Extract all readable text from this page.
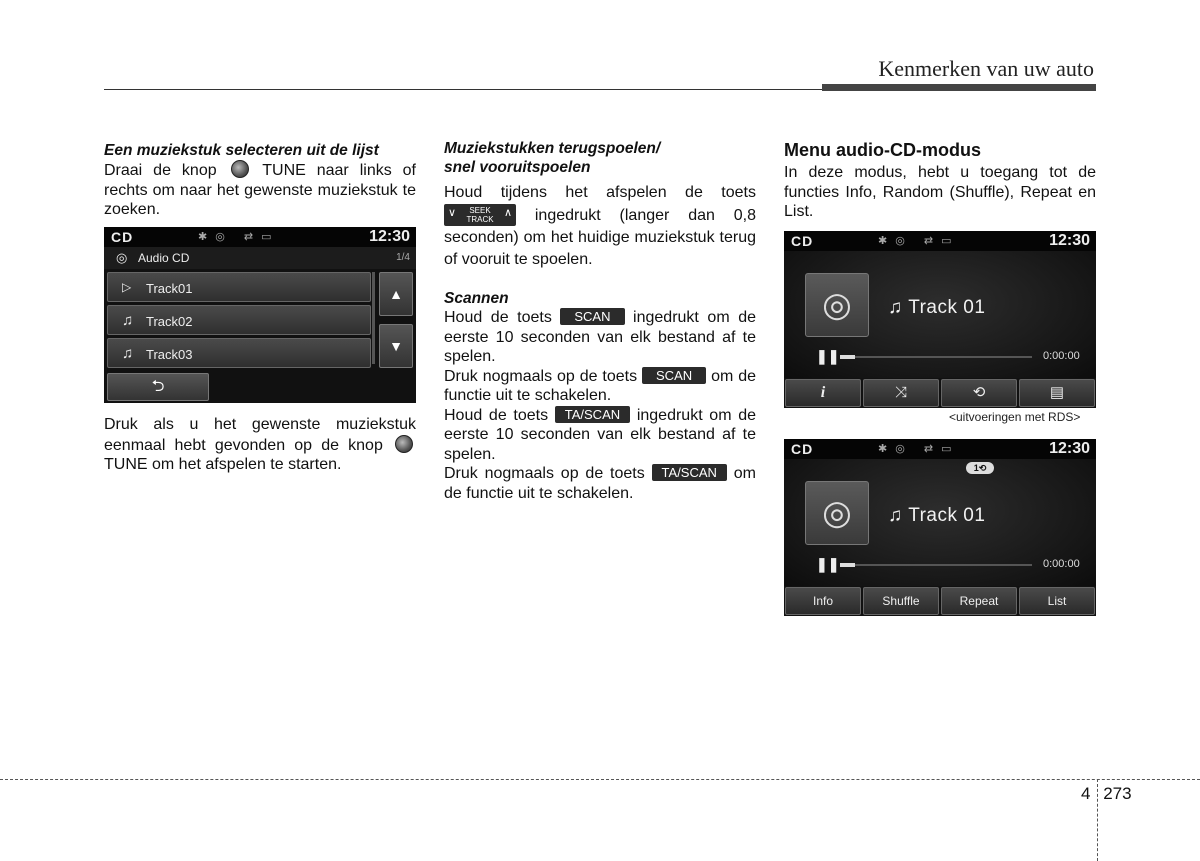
Kenmerken van uw auto

Een muziekstuk selecteren uit de lijst

Draai de knop	TUNE naar links of rechts om naar het gewenste muziekstuk te zoeken.

CD	✱◎ ⇄▭	12:30
◎ Audio CD	1/4
▷ Track01
♫ Track02
♫ Track03
▲
▼
⮌

Druk als u het gewenste muziekstuk eenmaal hebt gevonden op de knop  TUNE om het afspelen te starten.

Muziekstukken terugspoelen/
snel vooruitspoelen

Houd tijdens het afspelen de toets
∨	SEEK
TRACK
∧ ingedrukt (langer dan 0,8 seconden) om het huidige muziekstuk terug of vooruit te spoelen.

Scannen

Houd de toets SCAN ingedrukt om de eerste 10 seconden van elk bestand af te spelen.

Druk nogmaals op de toets SCAN om de functie uit te schakelen.

Houd de toets TA/SCAN ingedrukt om de eerste 10 seconden van elk bestand af te spelen.

Druk nogmaals op de toets TA/SCAN om de functie uit te schakelen.

Menu audio-CD-modus

In deze modus, hebt u toegang tot de functies Info, Random (Shuffle), Repeat en List.

CD	✱◎ ⇄▭	12:30
◎	♫ Track 01
❚❚	0:00:00
i	⤨	⟲	▤
<uitvoeringen met RDS>
CD	✱◎ ⇄▭	12:30
1⟲
◎	♫ Track 01
❚❚	0:00:00
Info	Shuffle	Repeat	List
4 273
